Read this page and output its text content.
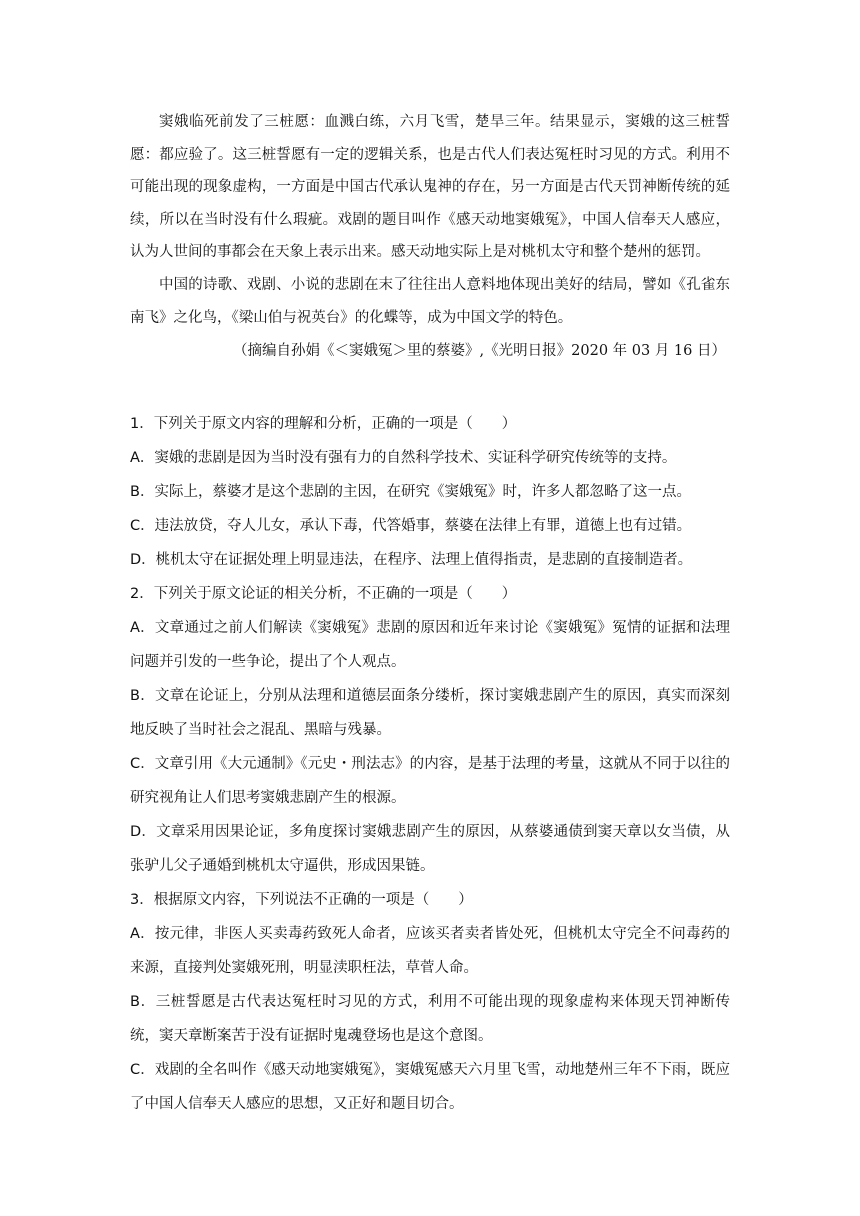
窦娥临死前发了三桩愿：血溅白练，六月飞雪，楚旱三年。结果显示，窦娥的这三桩誓愿：都应验了。这三桩誓愿有一定的逻辑关系，也是古代人们表达冤枉时习见的方式。利用不可能出现的现象虚构，一方面是中国古代承认鬼神的存在，另一方面是古代天罚神断传统的延续，所以在当时没有什么瑕疵。戏剧的题目叫作《感天动地窦娥冤》，中国人信奉天人感应，认为人世间的事都会在天象上表示出来。感天动地实际上是对桃机太守和整个楚州的惩罚。

中国的诗歌、戏剧、小说的悲剧在末了往往出人意料地体现出美好的结局，譬如《孔雀东南飞》之化鸟，《梁山伯与祝英台》的化蝶等，成为中国文学的特色。

（摘编自孙娟《＜窦娥冤＞里的蔡婆》,《光明日报》2020 年 03 月 16 日）

1．下列关于原文内容的理解和分析，正确的一项是（　　）

A．窦娥的悲剧是因为当时没有强有力的自然科学技术、实证科学研究传统等的支持。

B．实际上，蔡婆才是这个悲剧的主因，在研究《窦娥冤》时，许多人都忽略了这一点。

C．违法放贷，夺人儿女，承认下毒，代答婚事，蔡婆在法律上有罪，道德上也有过错。

D．桃机太守在证据处理上明显违法，在程序、法理上值得指责，是悲剧的直接制造者。

2．下列关于原文论证的相关分析，不正确的一项是（　　）

A．文章通过之前人们解读《窦娥冤》悲剧的原因和近年来讨论《窦娥冤》冤情的证据和法理问题并引发的一些争论，提出了个人观点。

B．文章在论证上，分别从法理和道德层面条分缕析，探讨窦娥悲剧产生的原因，真实而深刻地反映了当时社会之混乱、黑暗与残暴。

C．文章引用《大元通制》《元史・刑法志》的内容，是基于法理的考量，这就从不同于以往的研究视角让人们思考窦娥悲剧产生的根源。

D．文章采用因果论证，多角度探讨窦娥悲剧产生的原因，从蔡婆通债到窦天章以女当债，从张驴儿父子通婚到桃机太守逼供，形成因果链。

3．根据原文内容，下列说法不正确的一项是（　　）

A．按元律，非医人买卖毒药致死人命者，应该买者卖者皆处死，但桃机太守完全不问毒药的来源，直接判处窦娥死刑，明显渎职枉法，草菅人命。

B．三桩誓愿是古代表达冤枉时习见的方式，利用不可能出现的现象虚构来体现天罚神断传统，窦天章断案苦于没有证据时鬼魂登场也是这个意图。

C．戏剧的全名叫作《感天动地窦娥冤》，窦娥冤感天六月里飞雪，动地楚州三年不下雨，既应了中国人信奉天人感应的思想，又正好和题目切合。
